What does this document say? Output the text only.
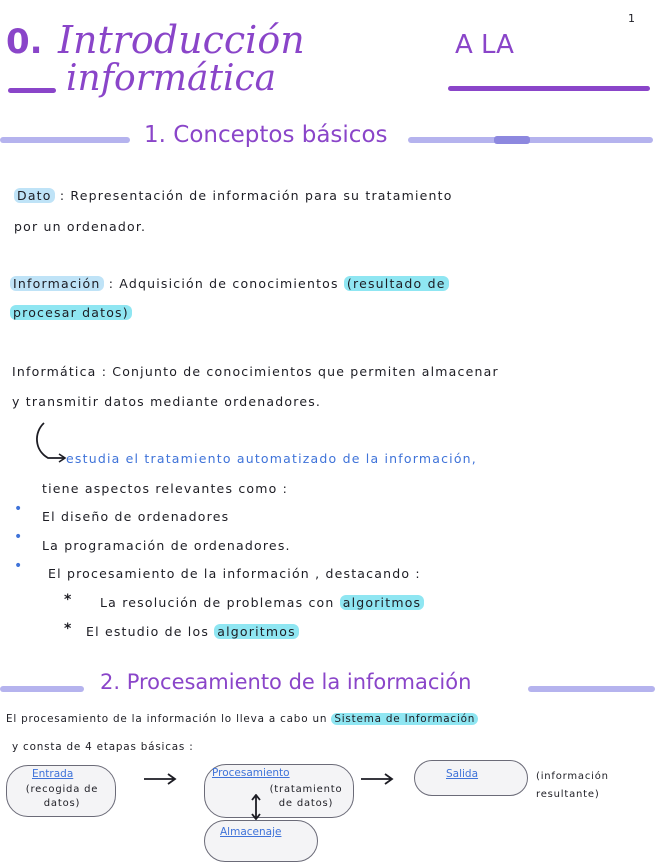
1
0. Introducción	A LA
informática
1. Conceptos básicos
Dato : Representación de información para su tratamiento
por un ordenador.
Información : Adquisición de conocimientos (resultado de
procesar datos)
Informática : Conjunto de conocimientos que permiten almacenar
y transmitir datos mediante ordenadores.
estudia el tratamiento automatizado de la información,
tiene aspectos relevantes como :
• El diseño de ordenadores
•
La programación de ordenadores.
• El procesamiento de la información , destacando :
* La resolución de problemas con algoritmos
* El estudio de los algoritmos
2. Procesamiento de la información
El procesamiento de la información lo lleva a cabo un Sistema de Información
y consta de 4 etapas básicas :
Entrada
(recogida de datos)
Procesamiento
(tratamiento de datos)
Salida	(información resultante)
Almacenaje
